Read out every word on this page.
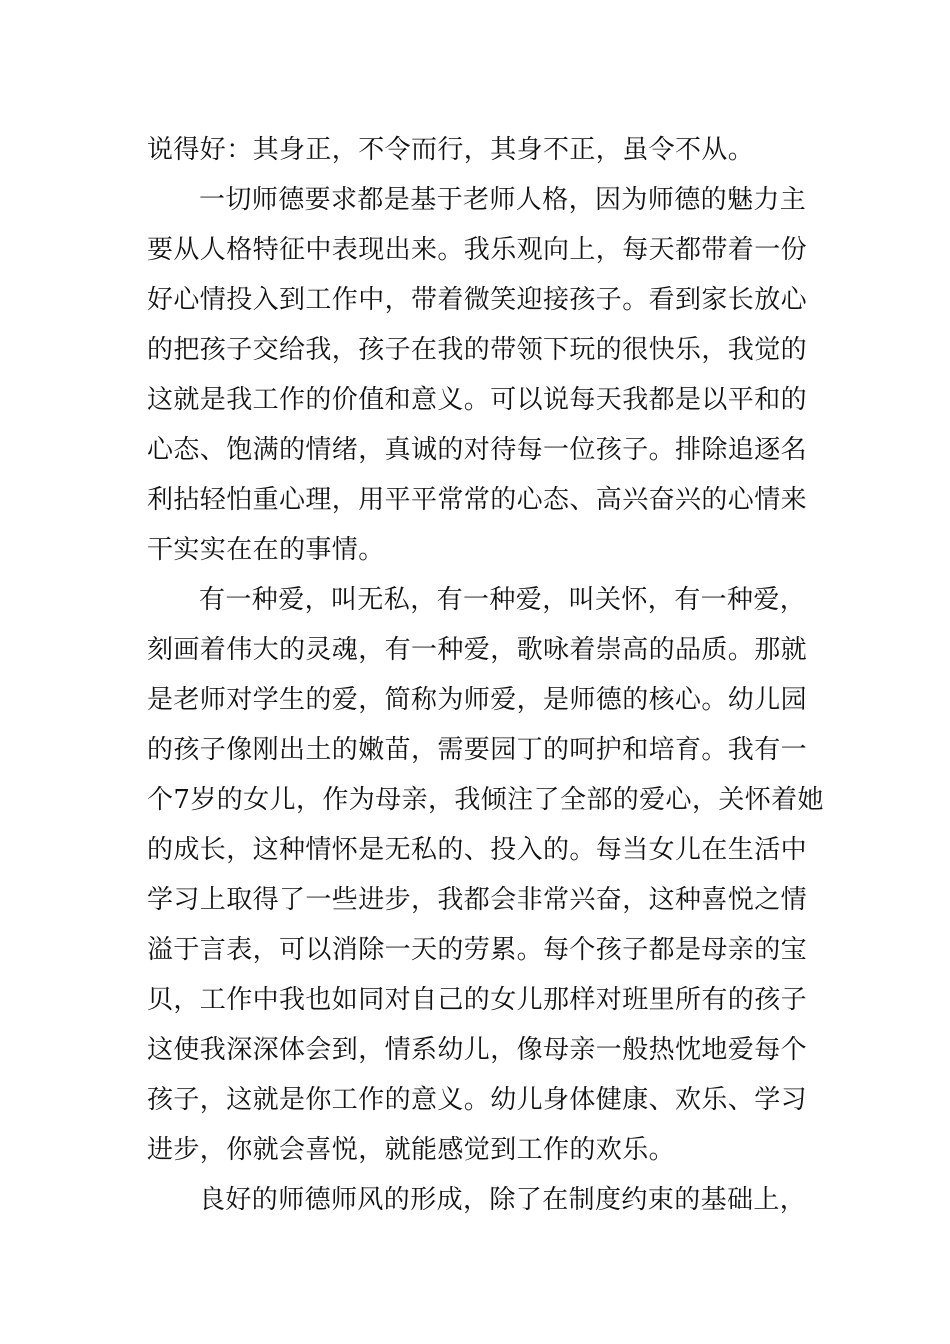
说得好：其身正，不令而行，其身不正，虽令不从。
一切师德要求都是基于老师人格，因为师德的魅力主
要从人格特征中表现出来。我乐观向上，每天都带着一份
好心情投入到工作中，带着微笑迎接孩子。看到家长放心
的把孩子交给我，孩子在我的带领下玩的很快乐，我觉的
这就是我工作的价值和意义。可以说每天我都是以平和的
心态、饱满的情绪，真诚的对待每一位孩子。排除追逐名
利拈轻怕重心理，用平平常常的心态、高兴奋兴的心情来
干实实在在的事情。
有一种爱，叫无私，有一种爱，叫关怀，有一种爱，
刻画着伟大的灵魂，有一种爱，歌咏着崇高的品质。那就
是老师对学生的爱，简称为师爱，是师德的核心。幼儿园
的孩子像刚出土的嫩苗，需要园丁的呵护和培育。我有一
个7岁的女儿，作为母亲，我倾注了全部的爱心，关怀着她
的成长，这种情怀是无私的、投入的。每当女儿在生活中
学习上取得了一些进步，我都会非常兴奋，这种喜悦之情
溢于言表，可以消除一天的劳累。每个孩子都是母亲的宝
贝，工作中我也如同对自己的女儿那样对班里所有的孩子
这使我深深体会到，情系幼儿，像母亲一般热忱地爱每个
孩子，这就是你工作的意义。幼儿身体健康、欢乐、学习
进步，你就会喜悦，就能感觉到工作的欢乐。
良好的师德师风的形成，除了在制度约束的基础上，
